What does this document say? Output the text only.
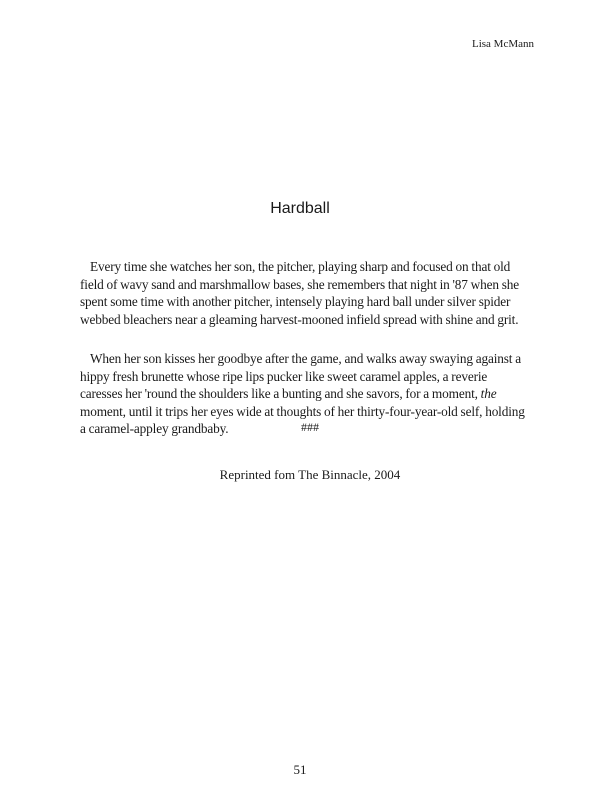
Lisa McMann
Hardball

Every time she watches her son, the pitcher, playing sharp and focused on that old field of wavy sand and marshmallow bases, she remembers that night in '87 when she spent some time with another pitcher, intensely playing hard ball under silver spider webbed bleachers near a gleaming harvest-mooned infield spread with shine and grit.

When her son kisses her goodbye after the game, and walks away swaying against a hippy fresh brunette whose ripe lips pucker like sweet caramel apples, a reverie caresses her 'round the shoulders like a bunting and she savors, for a moment, the moment, until it trips her eyes wide at thoughts of her thirty-four-year-old self, holding a caramel-appley grandbaby.	###
Reprinted fom The Binnacle, 2004
51
